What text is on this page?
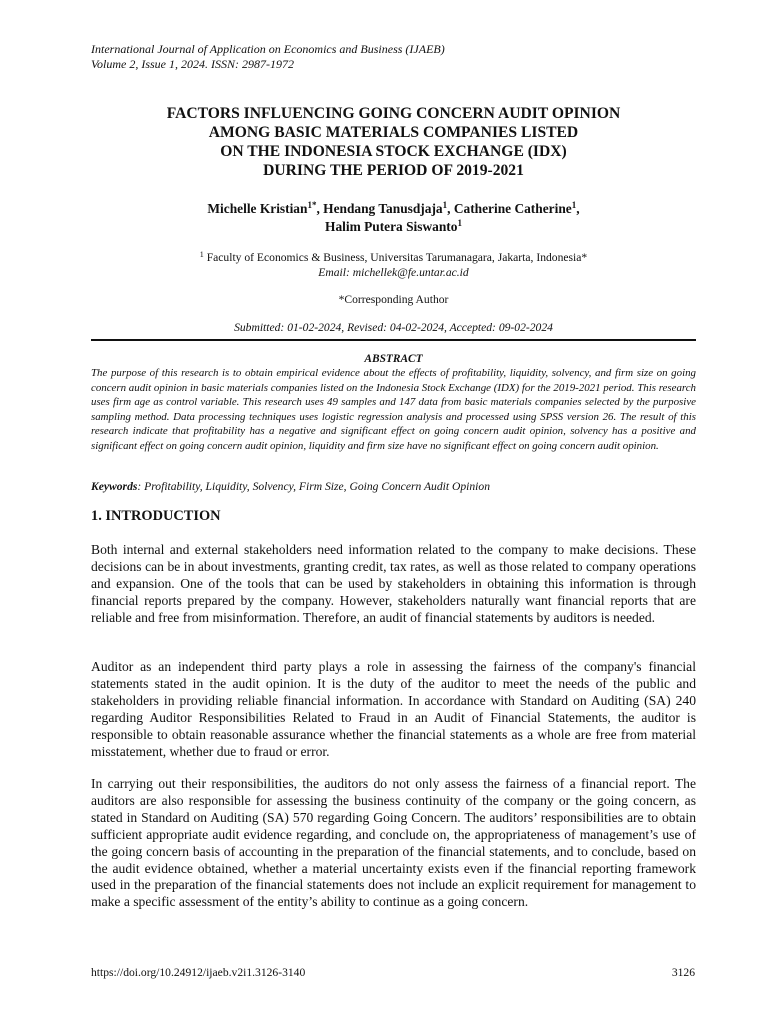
International Journal of Application on Economics and Business (IJAEB)
Volume 2, Issue 1, 2024. ISSN: 2987-1972
FACTORS INFLUENCING GOING CONCERN AUDIT OPINION
AMONG BASIC MATERIALS COMPANIES LISTED
ON THE INDONESIA STOCK EXCHANGE (IDX)
DURING THE PERIOD OF 2019-2021
Michelle Kristian$^{1*}$, Hendang Tanusdjaja$^1$, Catherine Catherine$^1$,
Halim Putera Siswanto$^1$
$^1$ Faculty of Economics & Business, Universitas Tarumanagara, Jakarta, Indonesia*
Email: michellek@fe.untar.ac.id
*Corresponding Author
Submitted: 01-02-2024, Revised: 04-02-2024, Accepted: 09-02-2024
ABSTRACT
The purpose of this research is to obtain empirical evidence about the effects of profitability, liquidity, solvency, and firm size on going concern audit opinion in basic materials companies listed on the Indonesia Stock Exchange (IDX) for the 2019-2021 period. This research uses firm age as control variable. This research uses 49 samples and 147 data from basic materials companies selected by the purposive sampling method. Data processing techniques uses logistic regression analysis and processed using SPSS version 26. The result of this research indicate that profitability has a negative and significant effect on going concern audit opinion, solvency has a positive and significant effect on going concern audit opinion, liquidity and firm size have no significant effect on going concern audit opinion.
Keywords: Profitability, Liquidity, Solvency, Firm Size, Going Concern Audit Opinion
1. INTRODUCTION
Both internal and external stakeholders need information related to the company to make decisions. These decisions can be in about investments, granting credit, tax rates, as well as those related to company operations and expansion. One of the tools that can be used by stakeholders in obtaining this information is through financial reports prepared by the company. However, stakeholders naturally want financial reports that are reliable and free from misinformation. Therefore, an audit of financial statements by auditors is needed.
Auditor as an independent third party plays a role in assessing the fairness of the company's financial statements stated in the audit opinion. It is the duty of the auditor to meet the needs of the public and stakeholders in providing reliable financial information. In accordance with Standard on Auditing (SA) 240 regarding Auditor Responsibilities Related to Fraud in an Audit of Financial Statements, the auditor is responsible to obtain reasonable assurance whether the financial statements as a whole are free from material misstatement, whether due to fraud or error.
In carrying out their responsibilities, the auditors do not only assess the fairness of a financial report. The auditors are also responsible for assessing the business continuity of the company or the going concern, as stated in Standard on Auditing (SA) 570 regarding Going Concern. The auditors’ responsibilities are to obtain sufficient appropriate audit evidence regarding, and conclude on, the appropriateness of management’s use of the going concern basis of accounting in the preparation of the financial statements, and to conclude, based on the audit evidence obtained, whether a material uncertainty exists even if the financial reporting framework used in the preparation of the financial statements does not include an explicit requirement for management to make a specific assessment of the entity’s ability to continue as a going concern.
https://doi.org/10.24912/ijaeb.v2i1.3126-3140	3126
